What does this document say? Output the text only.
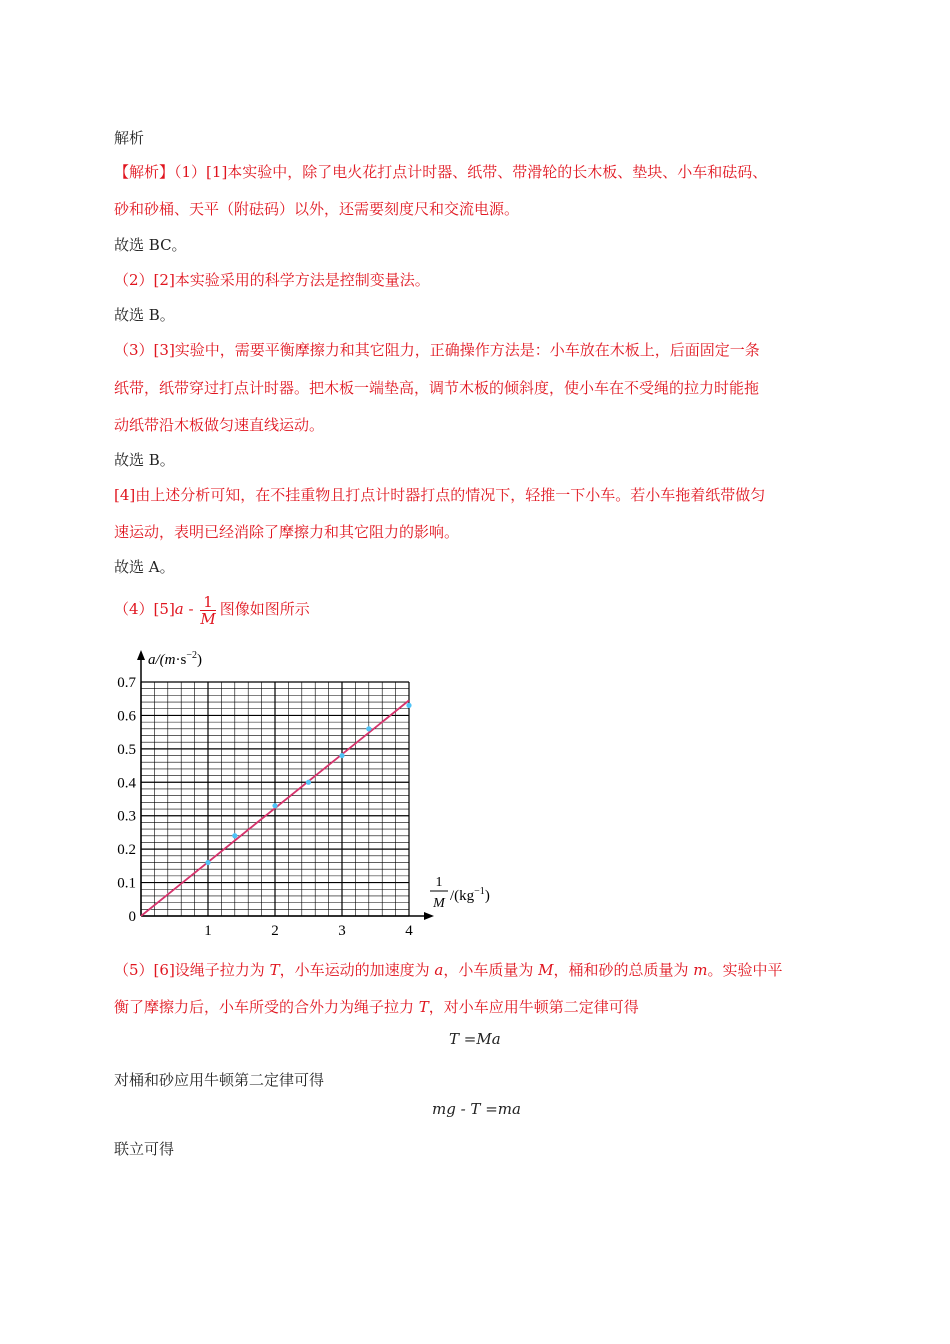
解析
【解析】（1）[1]本实验中，除了电火花打点计时器、纸带、带滑轮的长木板、垫块、小车和砝码、
砂和砂桶、天平（附砝码）以外，还需要刻度尺和交流电源。
故选 BC。
（2）[2]本实验采用的科学方法是控制变量法。
故选 B。
（3）[3]实验中，需要平衡摩擦力和其它阻力，正确操作方法是：小车放在木板上，后面固定一条
纸带，纸带穿过打点计时器。把木板一端垫高，调节木板的倾斜度，使小车在不受绳的拉力时能拖
动纸带沿木板做匀速直线运动。
故选 B。
[4]由上述分析可知，在不挂重物且打点计时器打点的情况下，轻推一下小车。若小车拖着纸带做匀
速运动，表明已经消除了摩擦力和其它阻力的影响。
故选 A。
$(4)[5]a - \frac{1}{M}$ 图像如图所示
0.1
0.2
0.3
0.4
0.5
0.6
0.7
1	2	3	4
0
$a/(m\cdot s^{-2})$
1
M $/(kg^{-1})$
（5）[6]设绳子拉力为 T，小车运动的加速度为 a，小车质量为 M，桶和砂的总质量为 m。实验中平
衡了摩擦力后，小车所受的合外力为绳子拉力 T，对小车应用牛顿第二定律可得
T =Ma
对桶和砂应用牛顿第二定律可得
mg - T =ma
联立可得
